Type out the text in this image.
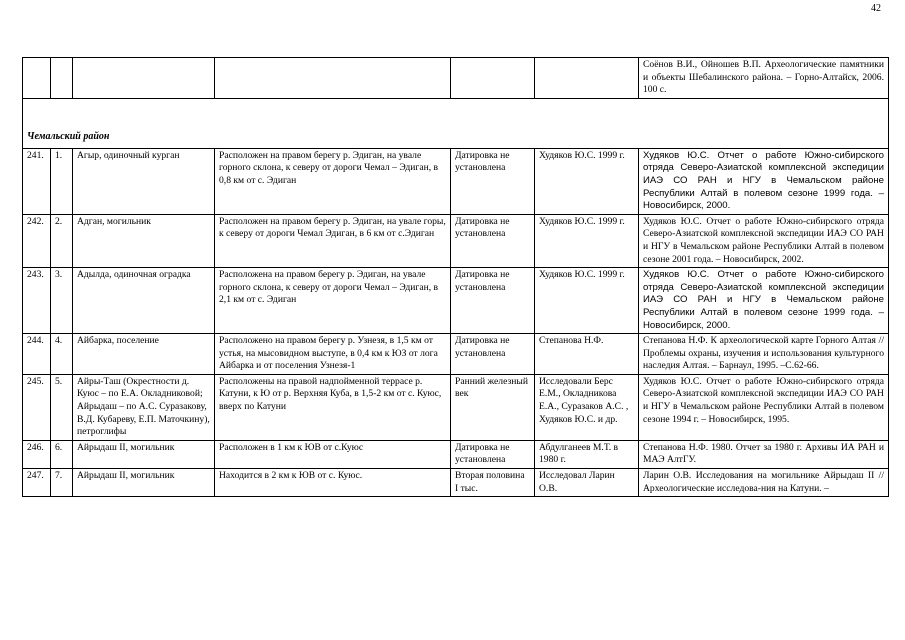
42
						Соёнов В.И., Ойношев В.П. Археологические памятники и объекты Шебалинского района. – Горно-Алтайск, 2006. 100 с.
Чемальский район						
241.	1.	Агыр, одиночный курган	Расположен на правом берегу р. Эдиган, на увале горного склона, к северу от дороги Чемал – Эдиган, в 0,8 км от с. Эдиган	Датировка не установлена	Худяков Ю.С. 1999 г.	Худяков Ю.С. Отчет о работе Южно-сибирского отряда Северо-Азиатской комплексной экспедиции ИАЭ СО РАН и НГУ в Чемальском районе Республики Алтай в полевом сезоне 1999 года. – Новосибирск, 2000.
242.	2.	Адган, могильник	Расположен на правом берегу р. Эдиган, на увале горы, к северу от дороги Чемал Эдиган, в 6 км от с.Эдиган	Датировка не установлена	Худяков Ю.С. 1999 г.	Худяков Ю.С. Отчет о работе Южно-сибирского отряда Северо-Азиатской комплексной экспедиции ИАЭ СО РАН и НГУ в Чемальском районе Республики Алтай в полевом сезоне 2001 года. – Новосибирск, 2002.
243.	3.	Адылда, одиночная оградка	Расположена на правом берегу р. Эдиган, на увале горного склона, к северу от дороги Чемал – Эдиган, в 2,1 км от с. Эдиган	Датировка не установлена	Худяков Ю.С. 1999 г.	Худяков Ю.С. Отчет о работе Южно-сибирского отряда Северо-Азиатской комплексной экспедиции ИАЭ СО РАН и НГУ в Чемальском районе Республики Алтай в полевом сезоне 1999 года. – Новосибирск, 2000.
244.	4.	Айбарка, поселение	Расположено на правом берегу р. Узнезя, в 1,5 км от устья, на мысовидном выступе, в 0,4 км к ЮЗ от лога Айбарка и от поселения Узнезя-1	Датировка не установлена	Степанова Н.Ф.	Степанова Н.Ф. К археологической карте Горного Алтая // Проблемы охраны, изучения и использования культурного наследия Алтая. – Барнаул, 1995. –С.62-66.
245.	5.	Айры-Таш (Окрестности д. Куюс – по Е.А. Окладниковой; Айрыдаш – по А.С. Суразакову, В.Д. Кубареву, Е.П. Маточкину), петроглифы	Расположены на правой надпойменной террасе р. Катуни, к Ю от р. Верхняя Куба, в 1,5-2 км от с. Куюс, вверх по Катуни	Ранний железный век	Исследовали Берс Е.М., Окладникова Е.А., Суразаков А.С. , Худяков Ю.С. и др.	Худяков Ю.С. Отчет о работе Южно-сибирского отряда Северо-Азиатской комплексной экспедиции ИАЭ СО РАН и НГУ в Чемальском районе Республики Алтай в полевом сезоне 1994 г. – Новосибирск, 1995.
246.	6.	Айрыдаш II, могильник	Расположен в 1 км к ЮВ от с.Куюс	Датировка не установлена	Абдулганеев М.Т. в 1980 г.	Степанова Н.Ф. 1980. Отчет за 1980 г. Архивы ИА РАН и МАЭ АлтГУ.
247.	7.	Айрыдаш II, могильник	Находится в 2 км к ЮВ от с. Куюс.	Вторая половина I тыс.	Исследовал Ларин О.В.	Ларин О.В. Исследования на могильнике Айрыдаш II // Археологические исследова-ния на Катуни. –
